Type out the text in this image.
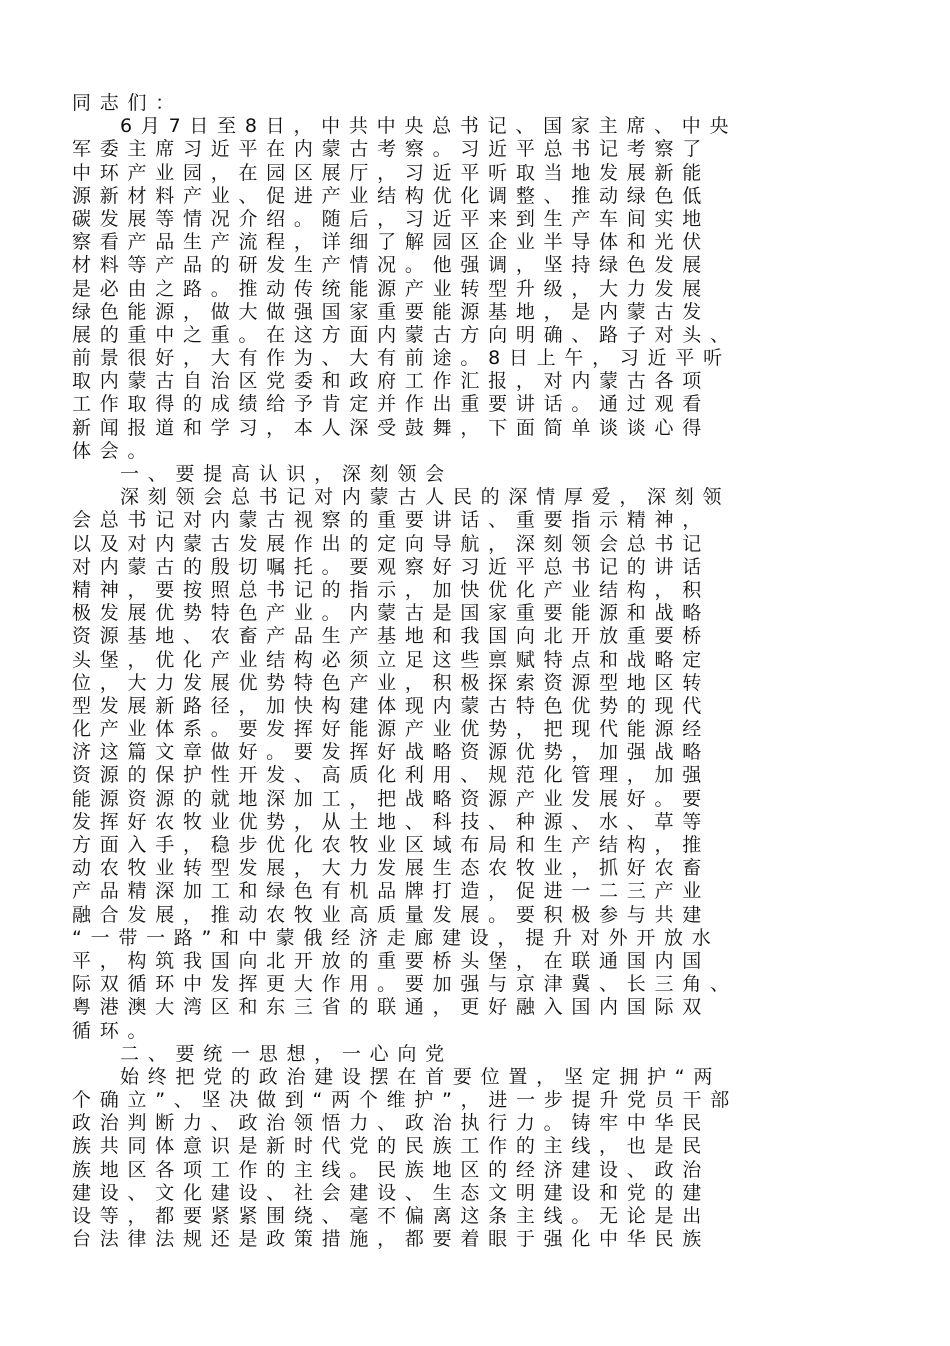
同志们：
6月7日至8日，中共中央总书记、国家主席、中央
军委主席习近平在内蒙古考察。习近平总书记考察了
中环产业园，在园区展厅，习近平听取当地发展新能
源新材料产业、促进产业结构优化调整、推动绿色低
碳发展等情况介绍。随后，习近平来到生产车间实地
察看产品生产流程，详细了解园区企业半导体和光伏
材料等产品的研发生产情况。他强调，坚持绿色发展
是必由之路。推动传统能源产业转型升级，大力发展
绿色能源，做大做强国家重要能源基地，是内蒙古发
展的重中之重。在这方面内蒙古方向明确、路子对头、
前景很好，大有作为、大有前途。8日上午，习近平听
取内蒙古自治区党委和政府工作汇报，对内蒙古各项
工作取得的成绩给予肯定并作出重要讲话。通过观看
新闻报道和学习，本人深受鼓舞，下面简单谈谈心得
体会。
一、要提高认识，深刻领会
深刻领会总书记对内蒙古人民的深情厚爱，深刻领
会总书记对内蒙古视察的重要讲话、重要指示精神，
以及对内蒙古发展作出的定向导航，深刻领会总书记
对内蒙古的殷切嘱托。要观察好习近平总书记的讲话
精神，要按照总书记的指示，加快优化产业结构，积
极发展优势特色产业。内蒙古是国家重要能源和战略
资源基地、农畜产品生产基地和我国向北开放重要桥
头堡，优化产业结构必须立足这些禀赋特点和战略定
位，大力发展优势特色产业，积极探索资源型地区转
型发展新路径，加快构建体现内蒙古特色优势的现代
化产业体系。要发挥好能源产业优势，把现代能源经
济这篇文章做好。要发挥好战略资源优势，加强战略
资源的保护性开发、高质化利用、规范化管理，加强
能源资源的就地深加工，把战略资源产业发展好。要
发挥好农牧业优势，从土地、科技、种源、水、草等
方面入手，稳步优化农牧业区域布局和生产结构，推
动农牧业转型发展，大力发展生态农牧业，抓好农畜
产品精深加工和绿色有机品牌打造，促进一二三产业
融合发展，推动农牧业高质量发展。要积极参与共建
“一带一路”和中蒙俄经济走廊建设，提升对外开放水
平，构筑我国向北开放的重要桥头堡，在联通国内国
际双循环中发挥更大作用。要加强与京津冀、长三角、
粤港澳大湾区和东三省的联通，更好融入国内国际双
循环。
二、要统一思想，一心向党
始终把党的政治建设摆在首要位置，坚定拥护“两
个确立”、坚决做到“两个维护”，进一步提升党员干部
政治判断力、政治领悟力、政治执行力。铸牢中华民
族共同体意识是新时代党的民族工作的主线，也是民
族地区各项工作的主线。民族地区的经济建设、政治
建设、文化建设、社会建设、生态文明建设和党的建
设等，都要紧紧围绕、毫不偏离这条主线。无论是出
台法律法规还是政策措施，都要着眼于强化中华民族
